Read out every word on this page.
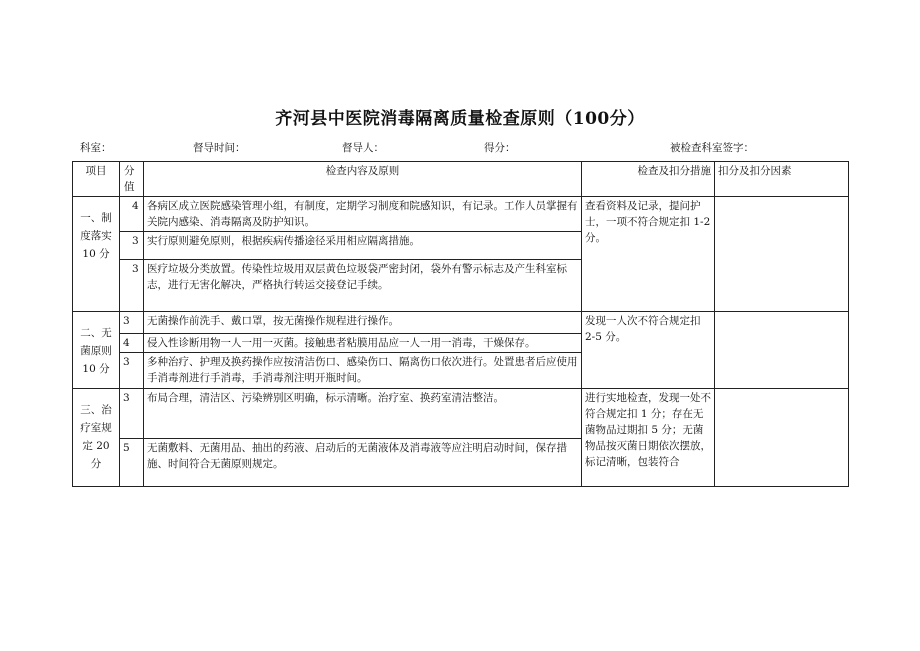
齐河县中医院消毒隔离质量检查原则（100分）
科室：	督导时间：	督导人：	得分：	被检查科室签字：
项目	分值	检查内容及原则	检查及扣分措施	扣分及扣分因素
一、制度落实 10 分	4	各病区成立医院感染管理小组，有制度，定期学习制度和院感知识，有记录。工作人员掌握有关院内感染、消毒隔离及防护知识。	查看资料及记录，提问护士，一项不符合规定扣 1-2 分。	
	3	实行原则避免原则，根据疾病传播途径采用相应隔离措施。		
	3	医疗垃圾分类放置。传染性垃圾用双层黄色垃圾袋严密封闭，袋外有警示标志及产生科室标志，进行无害化解决，严格执行转运交接登记手续。		
二、无菌原则 10 分	3	无菌操作前洗手、戴口罩，按无菌操作规程进行操作。	发现一人次不符合规定扣 2-5 分。	
	4	侵入性诊断用物一人一用一灭菌。接触患者粘膜用品应一人一用一消毒，干燥保存。		
	3	多种治疗、护理及换药操作应按清洁伤口、感染伤口、隔离伤口依次进行。处置患者后应使用手消毒剂进行手消毒，手消毒剂注明开瓶时间。		
三、治疗室规定 20 分	3	布局合理，清洁区、污染辨别区明确，标示清晰。治疗室、换药室清洁整洁。	进行实地检查，发现一处不符合规定扣 1 分；存在无菌物品过期扣 5 分；无菌物品按灭菌日期依次摆放，标记清晰，包装符合	
	5	无菌敷料、无菌用品、抽出的药液、启动后的无菌液体及消毒液等应注明启动时间，保存措施、时间符合无菌原则规定。		
